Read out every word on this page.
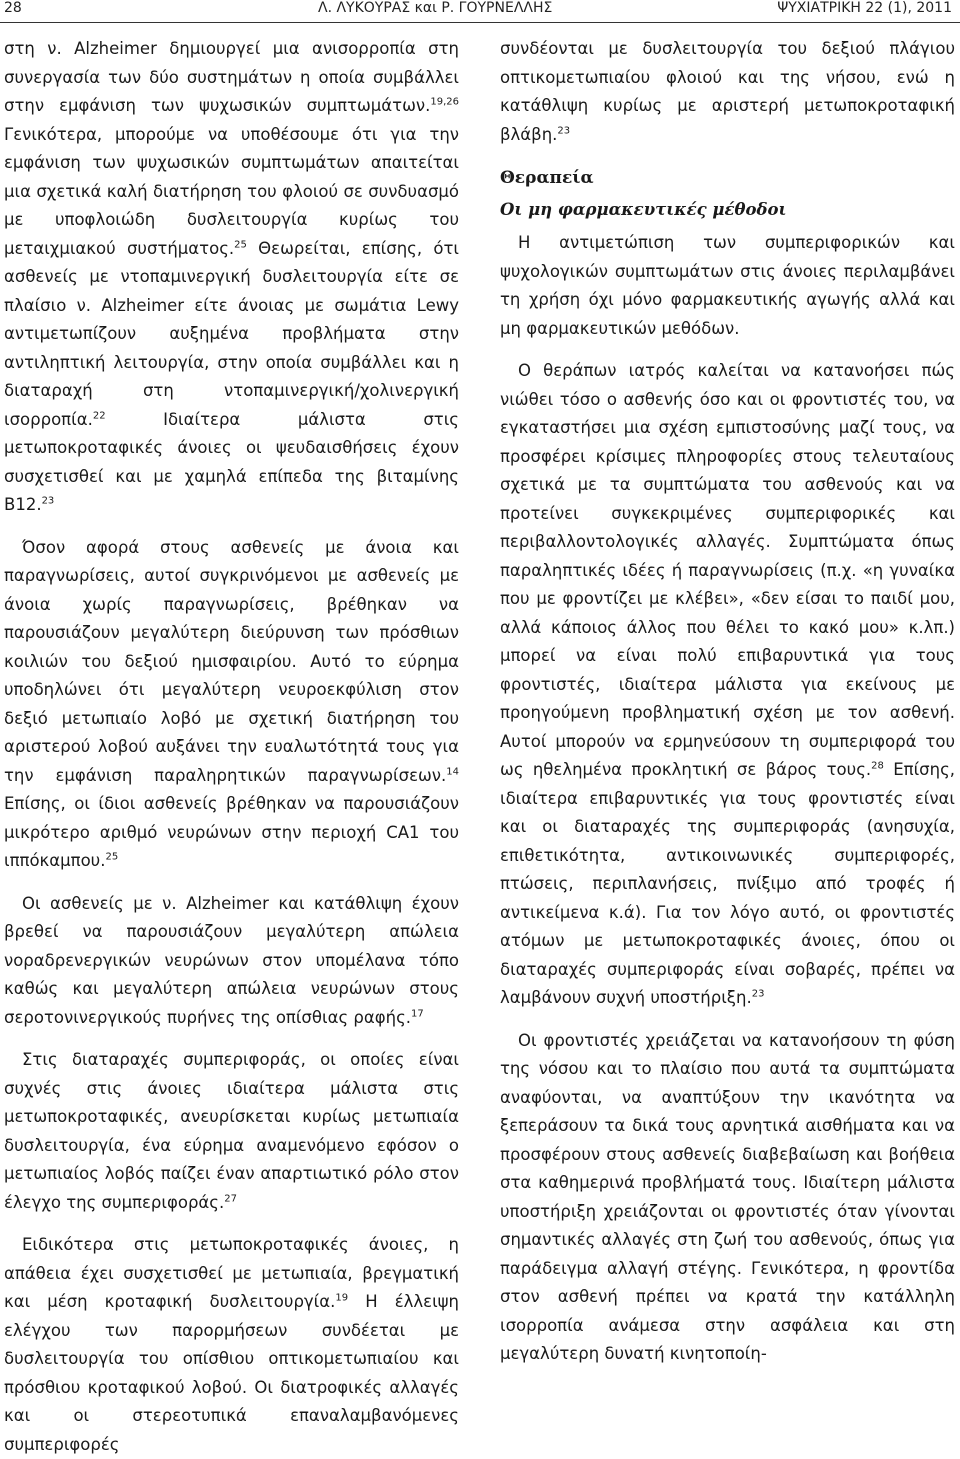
28	Λ. ΛΥΚΟΥΡΑΣ και Ρ. ΓΟΥΡΝΕΛΛΗΣ	ΨΥΧΙΑΤΡΙΚΗ 22 (1), 2011

στη ν. Alzheimer δημιουργεί μια ανισορροπία στη συνεργασία των δύο συστημάτων η οποία συμβάλλει στην εμφάνιση των ψυχωσικών συμπτωμάτων.$^{19,26}$ Γενικότερα, μπορούμε να υποθέσουμε ότι για την εμφάνιση των ψυχωσικών συμπτωμάτων απαιτείται μια σχετικά καλή διατήρηση του φλοιού σε συνδυασμό με υποφλοιώδη δυσλειτουργία κυρίως του μεταιχμιακού συστήματος.$^{25}$ Θεωρείται, επίσης, ότι ασθενείς με ντοπαμινεργική δυσλειτουργία είτε σε πλαίσιο ν. Alzheimer είτε άνοιας με σωμάτια Lewy αντιμετωπίζουν αυξημένα προβλήματα στην αντιληπτική λειτουργία, στην οποία συμβάλλει και η διαταραχή στη ντοπαμινεργική/χολινεργική ισορροπία.$^{22}$ Ιδιαίτερα μάλιστα στις μετωποκροταφικές άνοιες οι ψευδαισθήσεις έχουν συσχετισθεί και με χαμηλά επίπεδα της βιταμίνης Β12.23

Όσον αφορά στους ασθενείς με άνοια και παραγνωρίσεις, αυτοί συγκρινόμενοι με ασθενείς με άνοια χωρίς παραγνωρίσεις, βρέθηκαν να παρουσιάζουν μεγαλύτερη διεύρυνση των πρόσθιων κοιλιών του δεξιού ημισφαιρίου. Αυτό το εύρημα υποδηλώνει ότι μεγαλύτερη νευροεκφύλιση στον δεξιό μετωπιαίο λοβό με σχετική διατήρηση του αριστερού λοβού αυξάνει την ευαλωτότητά τους για την εμφάνιση παραληρητικών παραγνωρίσεων.$^{14}$ Επίσης, οι ίδιοι ασθενείς βρέθηκαν να παρουσιάζουν μικρότερο αριθμό νευρώνων στην περιοχή CA1 του ιππόκαμπου.$^{25}$

Οι ασθενείς με ν. Alzheimer και κατάθλιψη έχουν βρεθεί να παρουσιάζουν μεγαλύτερη απώλεια νοραδρενεργικών νευρώνων στον υπομέλανα τόπο καθώς και μεγαλύτερη απώλεια νευρώνων στους σεροτονινεργικούς πυρήνες της οπίσθιας ραφής.$^{17}$

Στις διαταραχές συμπεριφοράς, οι οποίες είναι συχνές στις άνοιες ιδιαίτερα μάλιστα στις μετωποκροταφικές, ανευρίσκεται κυρίως μετωπιαία δυσλειτουργία, ένα εύρημα αναμενόμενο εφόσον ο μετωπιαίος λοβός παίζει έναν απαρτιωτικό ρόλο στον έλεγχο της συμπεριφοράς.$^{27}$

Ειδικότερα στις μετωποκροταφικές άνοιες, η απάθεια έχει συσχετισθεί με μετωπιαία, βρεγματική και μέση κροταφική δυσλειτουργία.$^{19}$ Η έλλειψη ελέγχου των παρορμήσεων συνδέεται με δυσλειτουργία του οπίσθιου οπτικομετωπιαίου και πρόσθιου κροταφικού λοβού. Οι διατροφικές αλλαγές και οι στερεοτυπικά επαναλαμβανόμενες συμπεριφορές

συνδέονται με δυσλειτουργία του δεξιού πλάγιου οπτικομετωπιαίου φλοιού και της νήσου, ενώ η κατάθλιψη κυρίως με αριστερή μετωποκροταφική βλάβη.$^{23}$

Θεραπεία
Οι μη φαρμακευτικές μέθοδοι

Η αντιμετώπιση των συμπεριφορικών και ψυχολογικών συμπτωμάτων στις άνοιες περιλαμβάνει τη χρήση όχι μόνο φαρμακευτικής αγωγής αλλά και μη φαρμακευτικών μεθόδων.

Ο θεράπων ιατρός καλείται να κατανοήσει πώς νιώθει τόσο ο ασθενής όσο και οι φροντιστές του, να εγκαταστήσει μια σχέση εμπιστοσύνης μαζί τους, να προσφέρει κρίσιμες πληροφορίες στους τελευταίους σχετικά με τα συμπτώματα του ασθενούς και να προτείνει συγκεκριμένες συμπεριφορικές και περιβαλλοντολογικές αλλαγές. Συμπτώματα όπως παραληπτικές ιδέες ή παραγνωρίσεις (π.χ. «η γυναίκα που με φροντίζει με κλέβει», «δεν είσαι το παιδί μου, αλλά κάποιος άλλος που θέλει το κακό μου» κ.λπ.) μπορεί να είναι πολύ επιβαρυντικά για τους φροντιστές, ιδιαίτερα μάλιστα για εκείνους με προηγούμενη προβληματική σχέση με τον ασθενή. Αυτοί μπορούν να ερμηνεύσουν τη συμπεριφορά του ως ηθελημένα προκλητική σε βάρος τους.$^{28}$ Επίσης, ιδιαίτερα επιβαρυντικές για τους φροντιστές είναι και οι διαταραχές της συμπεριφοράς (ανησυχία, επιθετικότητα, αντικοινωνικές συμπεριφορές, πτώσεις, περιπλανήσεις, πνίξιμο από τροφές ή αντικείμενα κ.ά). Για τον λόγο αυτό, οι φροντιστές ατόμων με μετωποκροταφικές άνοιες, όπου οι διαταραχές συμπεριφοράς είναι σοβαρές, πρέπει να λαμβάνουν συχνή υποστήριξη.$^{23}$

Οι φροντιστές χρειάζεται να κατανοήσουν τη φύση της νόσου και το πλαίσιο που αυτά τα συμπτώματα αναφύονται, να αναπτύξουν την ικανότητα να ξεπεράσουν τα δικά τους αρνητικά αισθήματα και να προσφέρουν στους ασθενείς διαβεβαίωση και βοήθεια στα καθημερινά προβλήματά τους. Ιδιαίτερη μάλιστα υποστήριξη χρειάζονται οι φροντιστές όταν γίνονται σημαντικές αλλαγές στη ζωή του ασθενούς, όπως για παράδειγμα αλλαγή στέγης. Γενικότερα, η φροντίδα στον ασθενή πρέπει να κρατά την κατάλληλη ισορροπία ανάμεσα στην ασφάλεια και στη μεγαλύτερη δυνατή κινητοποίη-
